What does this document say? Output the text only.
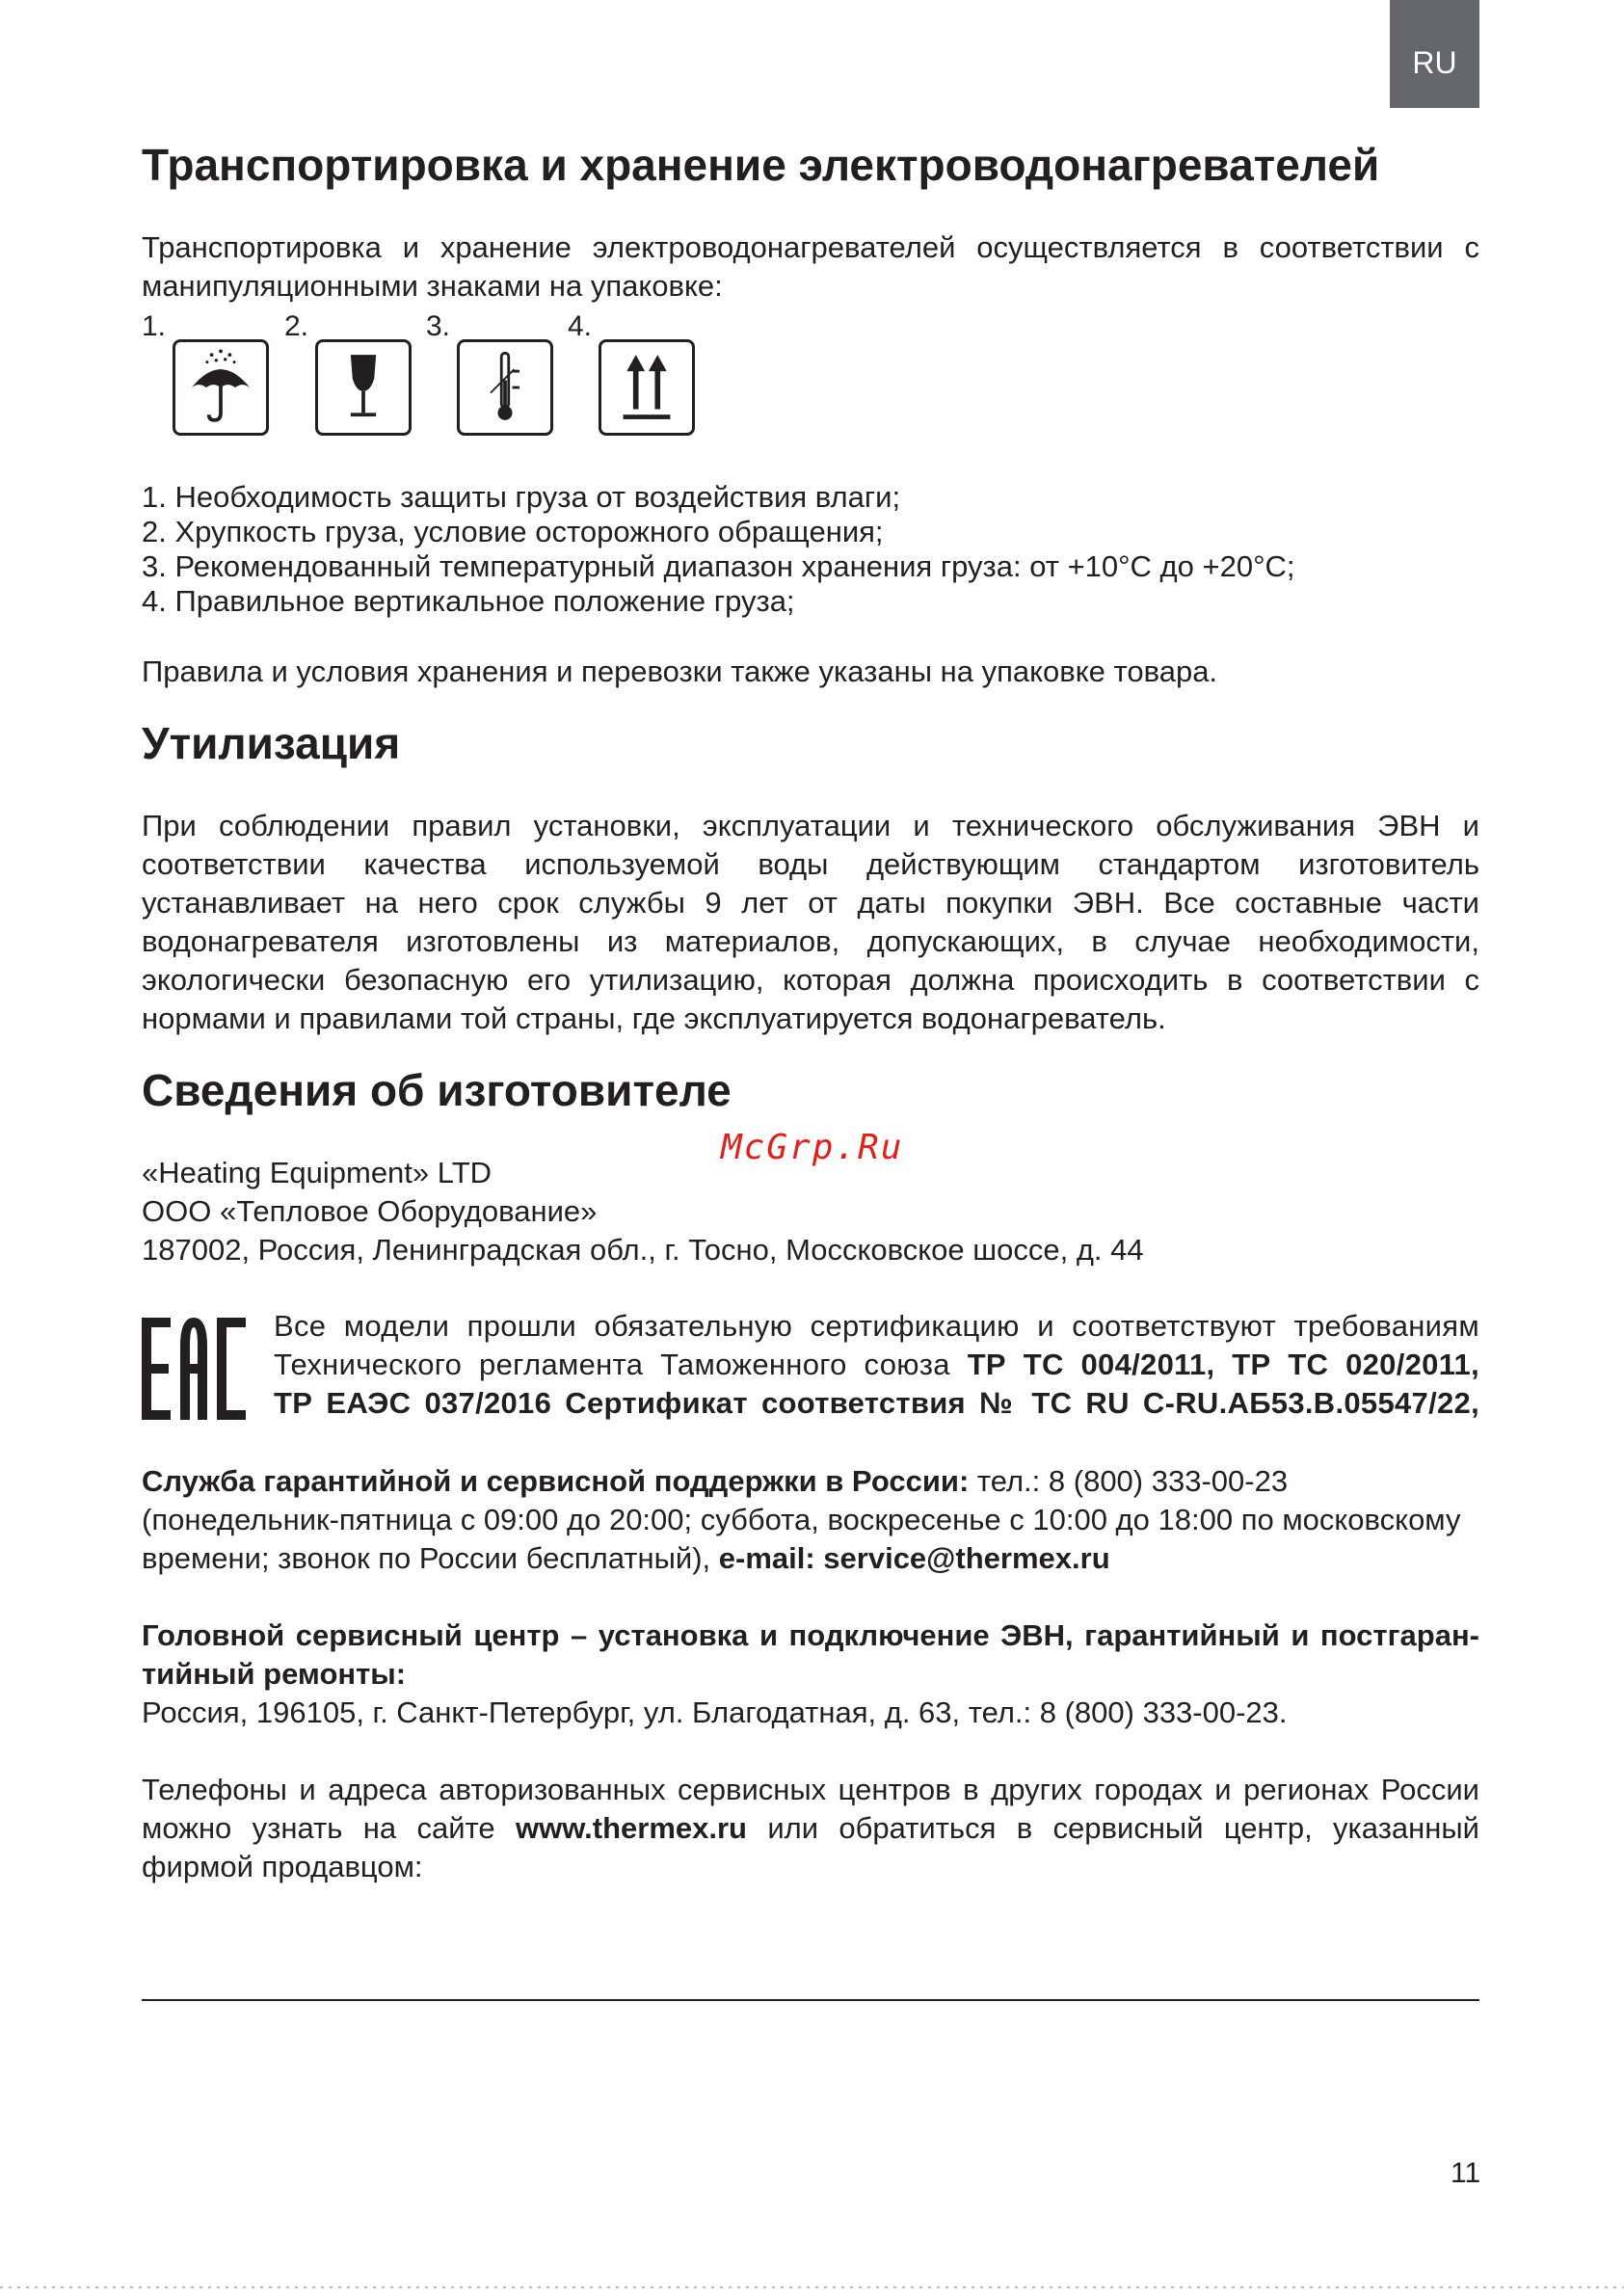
RU
Транспортировка и хранение электроводонагревателей
Транспортировка и хранение электроводонагревателей осуществляется в соответствии с
манипуляционными знаками на упаковке:
1.	2.	3.	4.
1. Необходимость защиты груза от воздействия влаги;
2. Хрупкость груза, условие осторожного обращения;
3. Рекомендованный температурный диапазон хранения груза: от +10°С до +20°С;
4. Правильное вертикальное положение груза;
Правила и условия хранения и перевозки также указаны на упаковке товара.
Утилизация
При соблюдении правил установки, эксплуатации и технического обслуживания ЭВН и
соответствии качества используемой воды действующим стандартом изготовитель
устанавливает на него срок службы 9 лет от даты покупки ЭВН. Все составные части
водонагревателя изготовлены из материалов, допускающих, в случае необходимости,
экологически безопасную его утилизацию, которая должна происходить в соответствии с
нормами и правилами той страны, где эксплуатируется водонагреватель.
Сведения об изготовителе
McGrp.Ru
«Heating Equipment» LTD
ООО «Тепловое Оборудование»
187002, Россия, Ленинградская обл., г. Тосно, Моссковское шоссе, д. 44
Все модели прошли обязательную сертификацию и соответствуют требованиям
Технического регламента Таможенного союза ТР ТС 004/2011, ТР ТС 020/2011,
ТР ЕАЭС 037/2016 Сертификат соответствия № ТС RU C-RU.АБ53.В.05547/22,
Служба гарантийной и сервисной поддержки в России: тел.: 8 (800) 333-00-23
(понедельник-пятница с 09:00 до 20:00; суббота, воскресенье с 10:00 до 18:00 по московскому
времени; звонок по России бесплатный), e-mail: service@thermex.ru
Головной сервисный центр – установка и подключение ЭВН, гарантийный и постгаран-
тийный ремонты:
Россия, 196105, г. Санкт-Петербург, ул. Благодатная, д. 63, тел.: 8 (800) 333-00-23.
Телефоны и адреса авторизованных сервисных центров в других городах и регионах России
можно узнать на сайте www.thermex.ru или обратиться в сервисный центр, указанный
фирмой продавцом:
11
